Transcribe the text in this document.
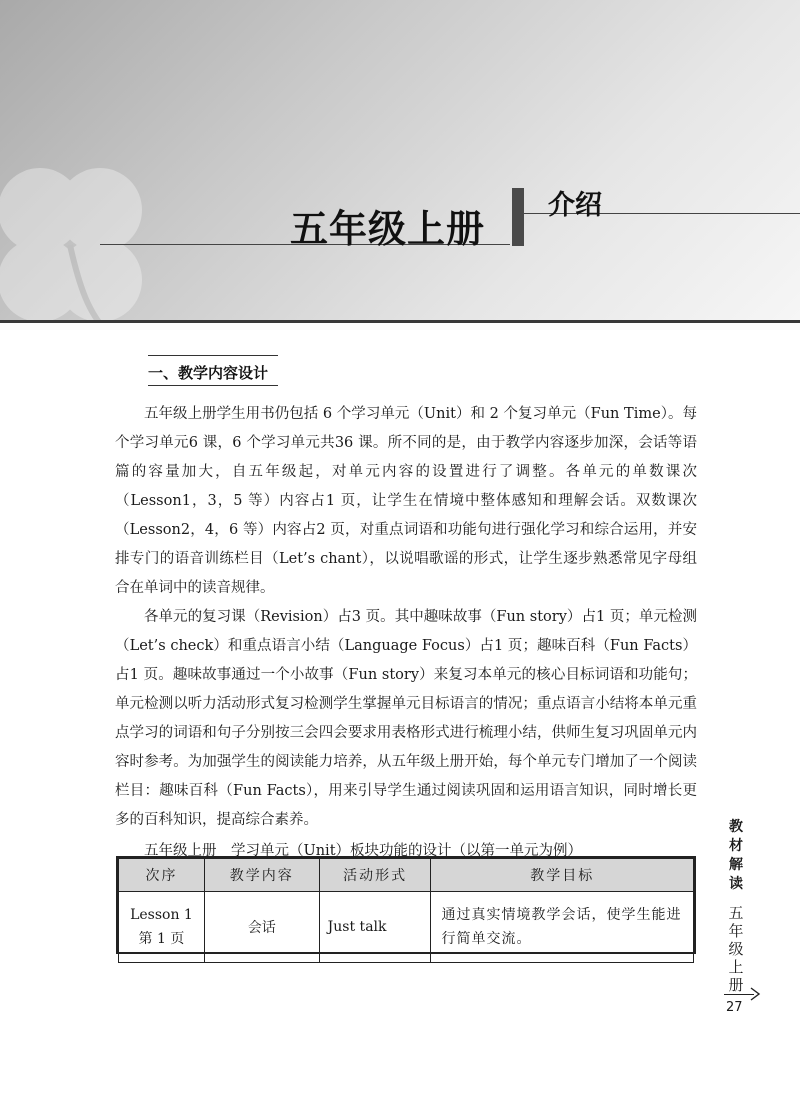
五年级上册
介绍
一、教学内容设计

五年级上册学生用书仍包括 6 个学习单元（Unit）和 2 个复习单元（Fun Time）。每个学习单元6 课，6 个学习单元共36 课。所不同的是，由于教学内容逐步加深，会话等语篇的容量加大，自五年级起，对单元内容的设置进行了调整。各单元的单数课次（Lesson1，3，5 等）内容占1 页，让学生在情境中整体感知和理解会话。双数课次（Lesson2，4，6 等）内容占2 页，对重点词语和功能句进行强化学习和综合运用，并安排专门的语音训练栏目（Let’s chant），以说唱歌谣的形式，让学生逐步熟悉常见字母组合在单词中的读音规律。

各单元的复习课（Revision）占3 页。其中趣味故事（Fun story）占1 页；单元检测（Let’s check）和重点语言小结（Language Focus）占1 页；趣味百科（Fun Facts）占1 页。趣味故事通过一个小故事（Fun story）来复习本单元的核心目标词语和功能句；单元检测以听力活动形式复习检测学生掌握单元目标语言的情况；重点语言小结将本单元重点学习的词语和句子分别按三会四会要求用表格形式进行梳理小结，供师生复习巩固单元内容时参考。为加强学生的阅读能力培养，从五年级上册开始，每个单元专门增加了一个阅读栏目：趣味百科（Fun Facts），用来引导学生通过阅读巩固和运用语言知识，同时增长更多的百科知识，提高综合素养。

五年级上册　学习单元（Unit）板块功能的设计（以第一单元为例）

次序	教学内容	活动形式	教学目标

Lesson 1
第 1 页	会话	Just talk	通过真实情境教学会话，使学生能进行简单交流。
教
材
解
读
五
年
级
上
册
27
